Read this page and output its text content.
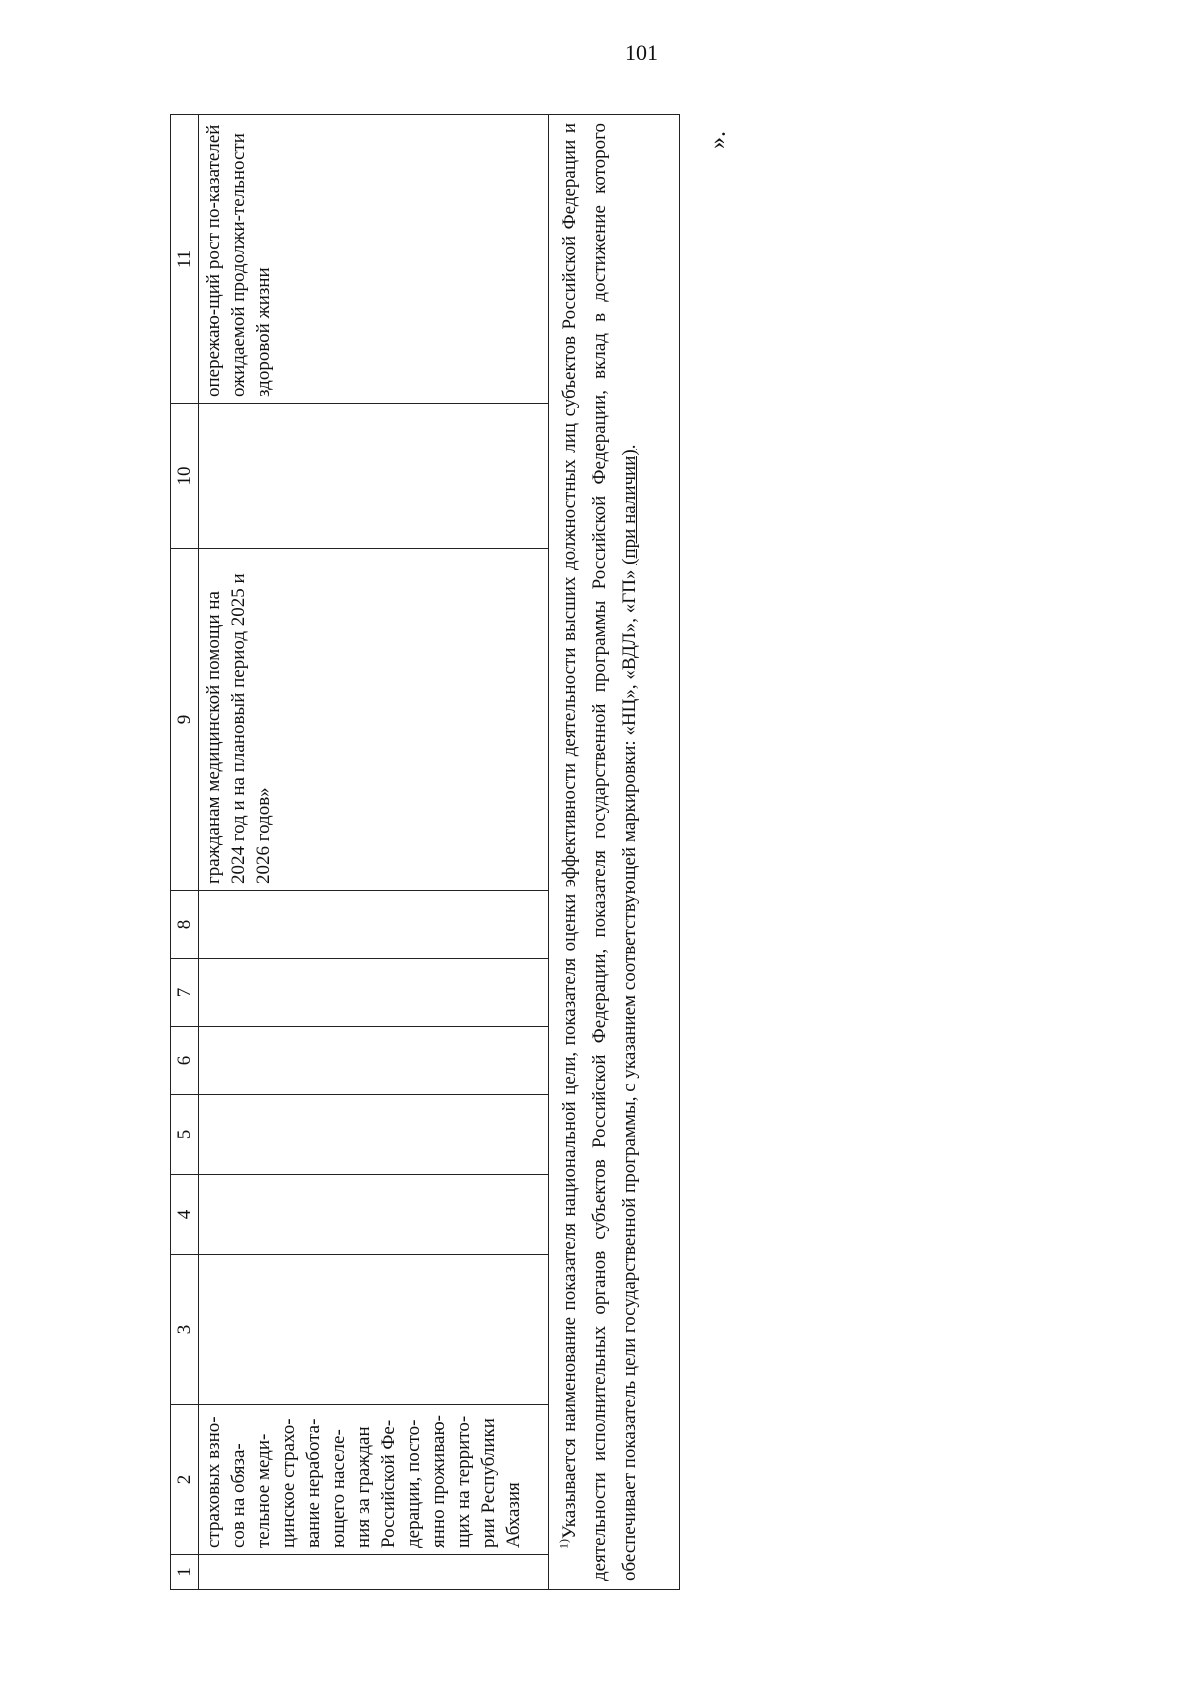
101
».
1	2	3	4	5	6	7	8	9	10	11
	страховых взно-сов на обяза-тельное меди-цинское страхо-вание неработа-ющего населе-ния за граждан Российской Фе-дерации, посто-янно проживаю-щих на террито-рии Республики Абхазия							гражданам медицинской помощи на 2024 год и на плановый период 2025 и 2026 годов»		опережаю-щий рост по-казателей ожидаемой продолжи-тельности здоровой жизни

$^{1)}$Указывается наименование показателя национальной цели, показателя оценки эффективности деятельности высших должностных лиц субъектов Российской Федерации и деятельности исполнительных органов субъектов Российской Федерации, показателя государственной программы Российской Федерации, вклад в достижение которого обеспечивает показатель цели государственной программы, с указанием соответствующей маркировки: «НЦ», «ВДЛ», «ГП» (при наличии).										
